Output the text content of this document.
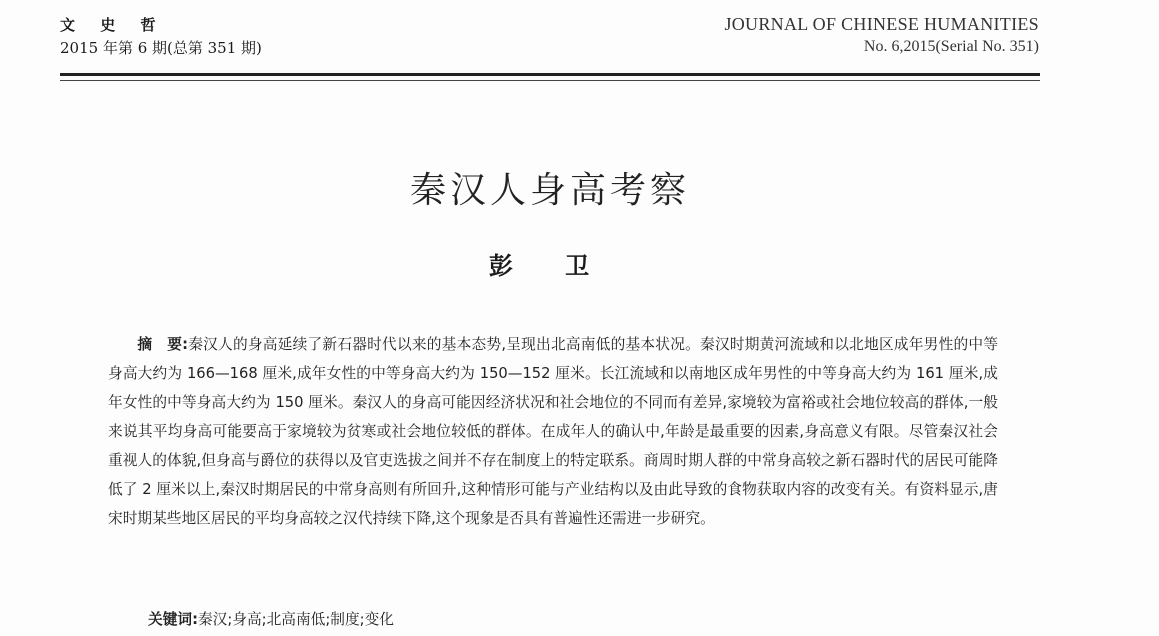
文 史 哲
2015 年第 6 期(总第 351 期)
JOURNAL OF CHINESE HUMANITIES
No. 6,2015(Serial No. 351)
秦汉人身高考察
彭 卫
摘　要:秦汉人的身高延续了新石器时代以来的基本态势,呈现出北高南低的基本状况。秦汉时期黄河流域和以北地区成年男性的中等身高大约为 166—168 厘米,成年女性的中等身高大约为 150—152 厘米。长江流域和以南地区成年男性的中等身高大约为 161 厘米,成年女性的中等身高大约为 150 厘米。秦汉人的身高可能因经济状况和社会地位的不同而有差异,家境较为富裕或社会地位较高的群体,一般来说其平均身高可能要高于家境较为贫寒或社会地位较低的群体。在成年人的确认中,年龄是最重要的因素,身高意义有限。尽管秦汉社会重视人的体貌,但身高与爵位的获得以及官吏选拔之间并不存在制度上的特定联系。商周时期人群的中常身高较之新石器时代的居民可能降低了 2 厘米以上,秦汉时期居民的中常身高则有所回升,这种情形可能与产业结构以及由此导致的食物获取内容的改变有关。有资料显示,唐宋时期某些地区居民的平均身高较之汉代持续下降,这个现象是否具有普遍性还需进一步研究。
关键词:秦汉;身高;北高南低;制度;变化
